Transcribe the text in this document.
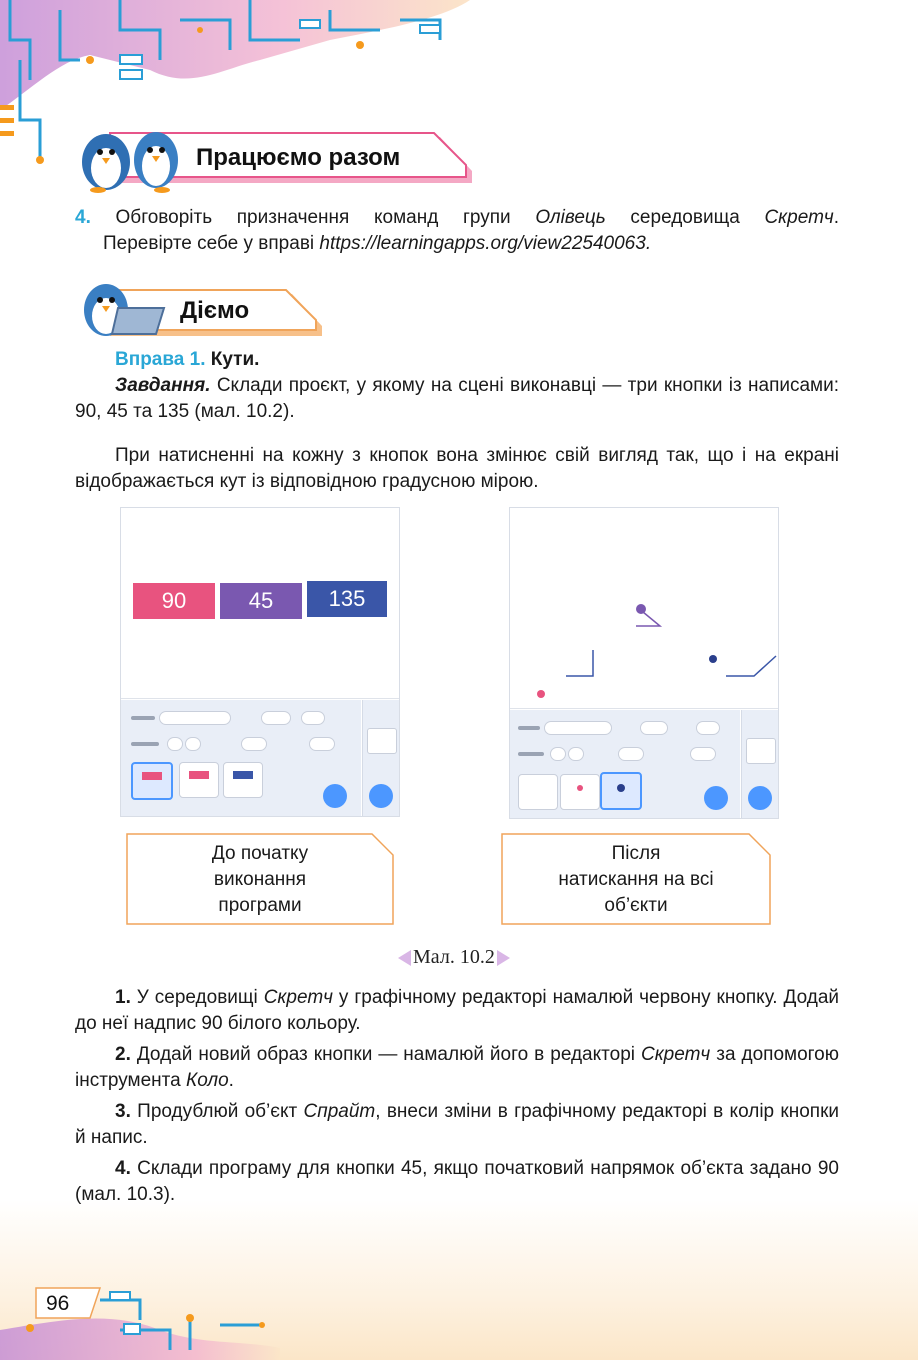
Працюємо разом
4. Обговоріть призначення команд групи Олівець середовища Скретч.
Перевірте себе у вправі https://learningapps.org/view22540063.
Діємо
Вправа 1. Кути.
Завдання. Склади проєкт, у якому на сцені виконавці — три кнопки із написами: 90, 45 та 135 (мал. 10.2).
При натисненні на кожну з кнопок вона змінює свій вигляд так, що і на екрані відображається кут із відповідною градусною мірою.
90	45	135
До початку
виконання
програми
Після
натискання на всі
об’єкти
Мал. 10.2
1. У середовищі Скретч у графічному редакторі намалюй червону кнопку. Додай до неї надпис 90 білого кольору.
2. Додай новий образ кнопки — намалюй його в редакторі Скретч за допомогою інструмента Коло.
3. Продублюй об’єкт Спрайт, внеси зміни в графічному редакторі в колір кнопки й напис.
4. Склади програму для кнопки 45, якщо початковий напрямок об’єкта задано 90 (мал. 10.3).
96
